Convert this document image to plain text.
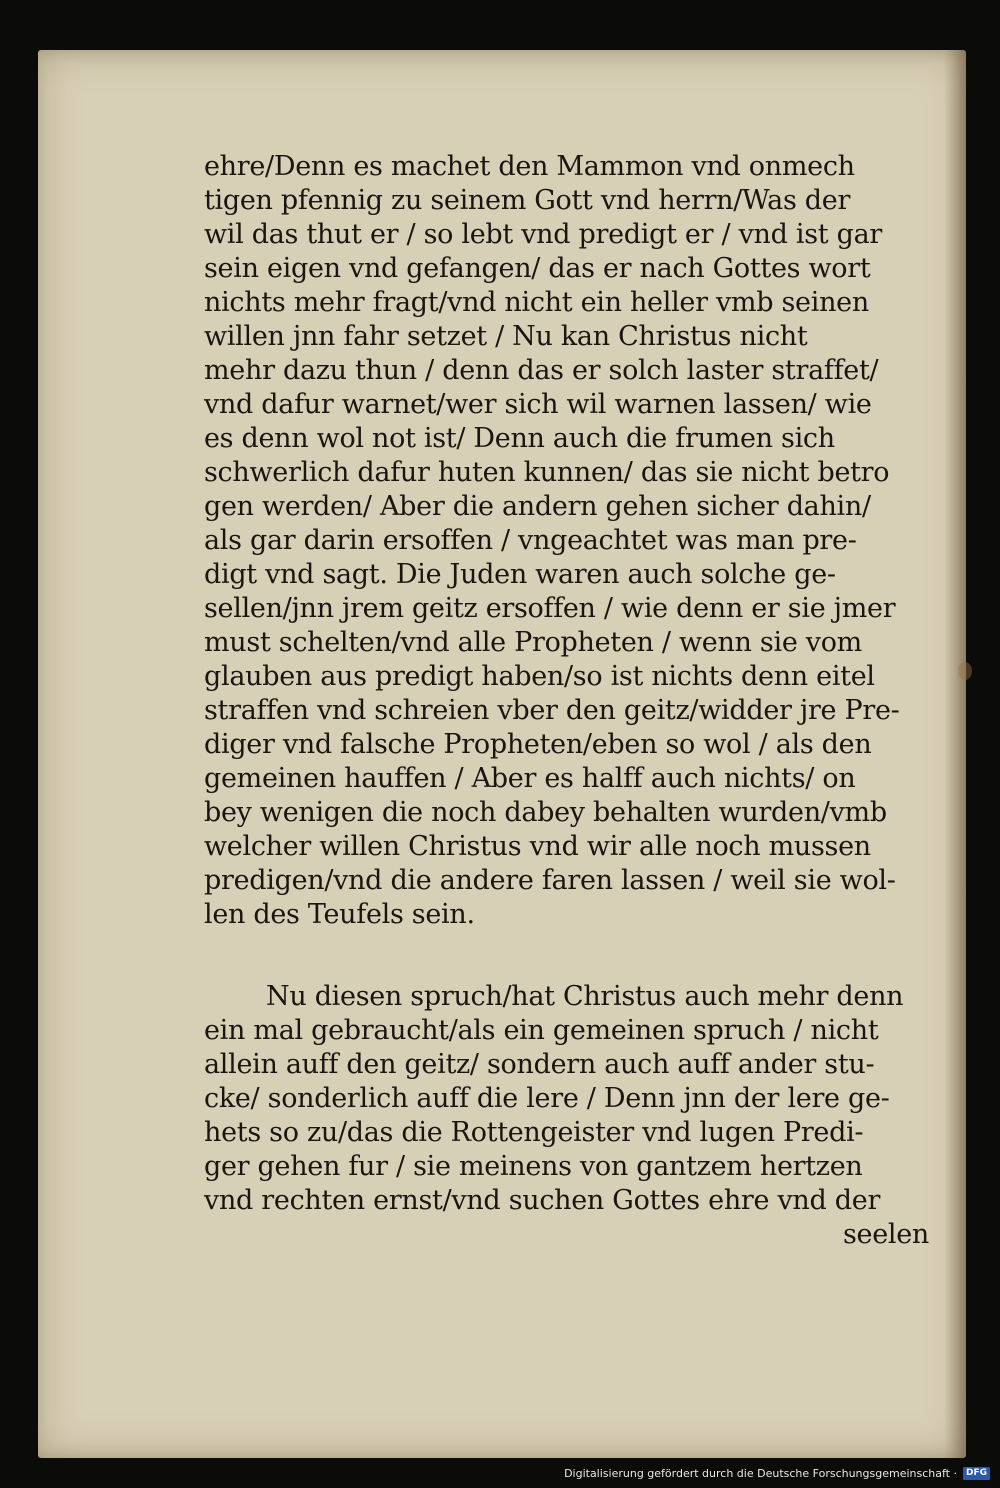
ehre/Denn es machet den Mammon vnd onmech
tigen pfennig zu seinem Gott vnd herrn/Was der
wil das thut er / so lebt vnd predigt er / vnd ist gar
sein eigen vnd gefangen/ das er nach Gottes wort
nichts mehr fragt/vnd nicht ein heller vmb seinen
willen jnn fahr setzet / Nu kan Christus nicht
mehr dazu thun / denn das er solch laster straffet/
vnd dafur warnet/wer sich wil warnen lassen/ wie
es denn wol not ist/ Denn auch die frumen sich
schwerlich dafur huten kunnen/ das sie nicht betro
gen werden/ Aber die andern gehen sicher dahin/
als gar darin ersoffen / vngeachtet was man pre-
digt vnd sagt. Die Juden waren auch solche ge-
sellen/jnn jrem geitz ersoffen / wie denn er sie jmer
must schelten/vnd alle Propheten / wenn sie vom
glauben aus predigt haben/so ist nichts denn eitel
straffen vnd schreien vber den geitz/widder jre Pre-
diger vnd falsche Propheten/eben so wol / als den
gemeinen hauffen / Aber es halff auch nichts/ on
bey wenigen die noch dabey behalten wurden/vmb
welcher willen Christus vnd wir alle noch mussen
predigen/vnd die andere faren lassen / weil sie wol-
len des Teufels sein.
Nu diesen spruch/hat Christus auch mehr denn
ein mal gebraucht/als ein gemeinen spruch / nicht
allein auff den geitz/ sondern auch auff ander stu-
cke/ sonderlich auff die lere / Denn jnn der lere ge-
hets so zu/das die Rottengeister vnd lugen Predi-
ger gehen fur / sie meinens von gantzem hertzen
vnd rechten ernst/vnd suchen Gottes ehre vnd der
seelen
Digitalisierung gefördert durch die Deutsche Forschungsgemeinschaft ·	DFG
